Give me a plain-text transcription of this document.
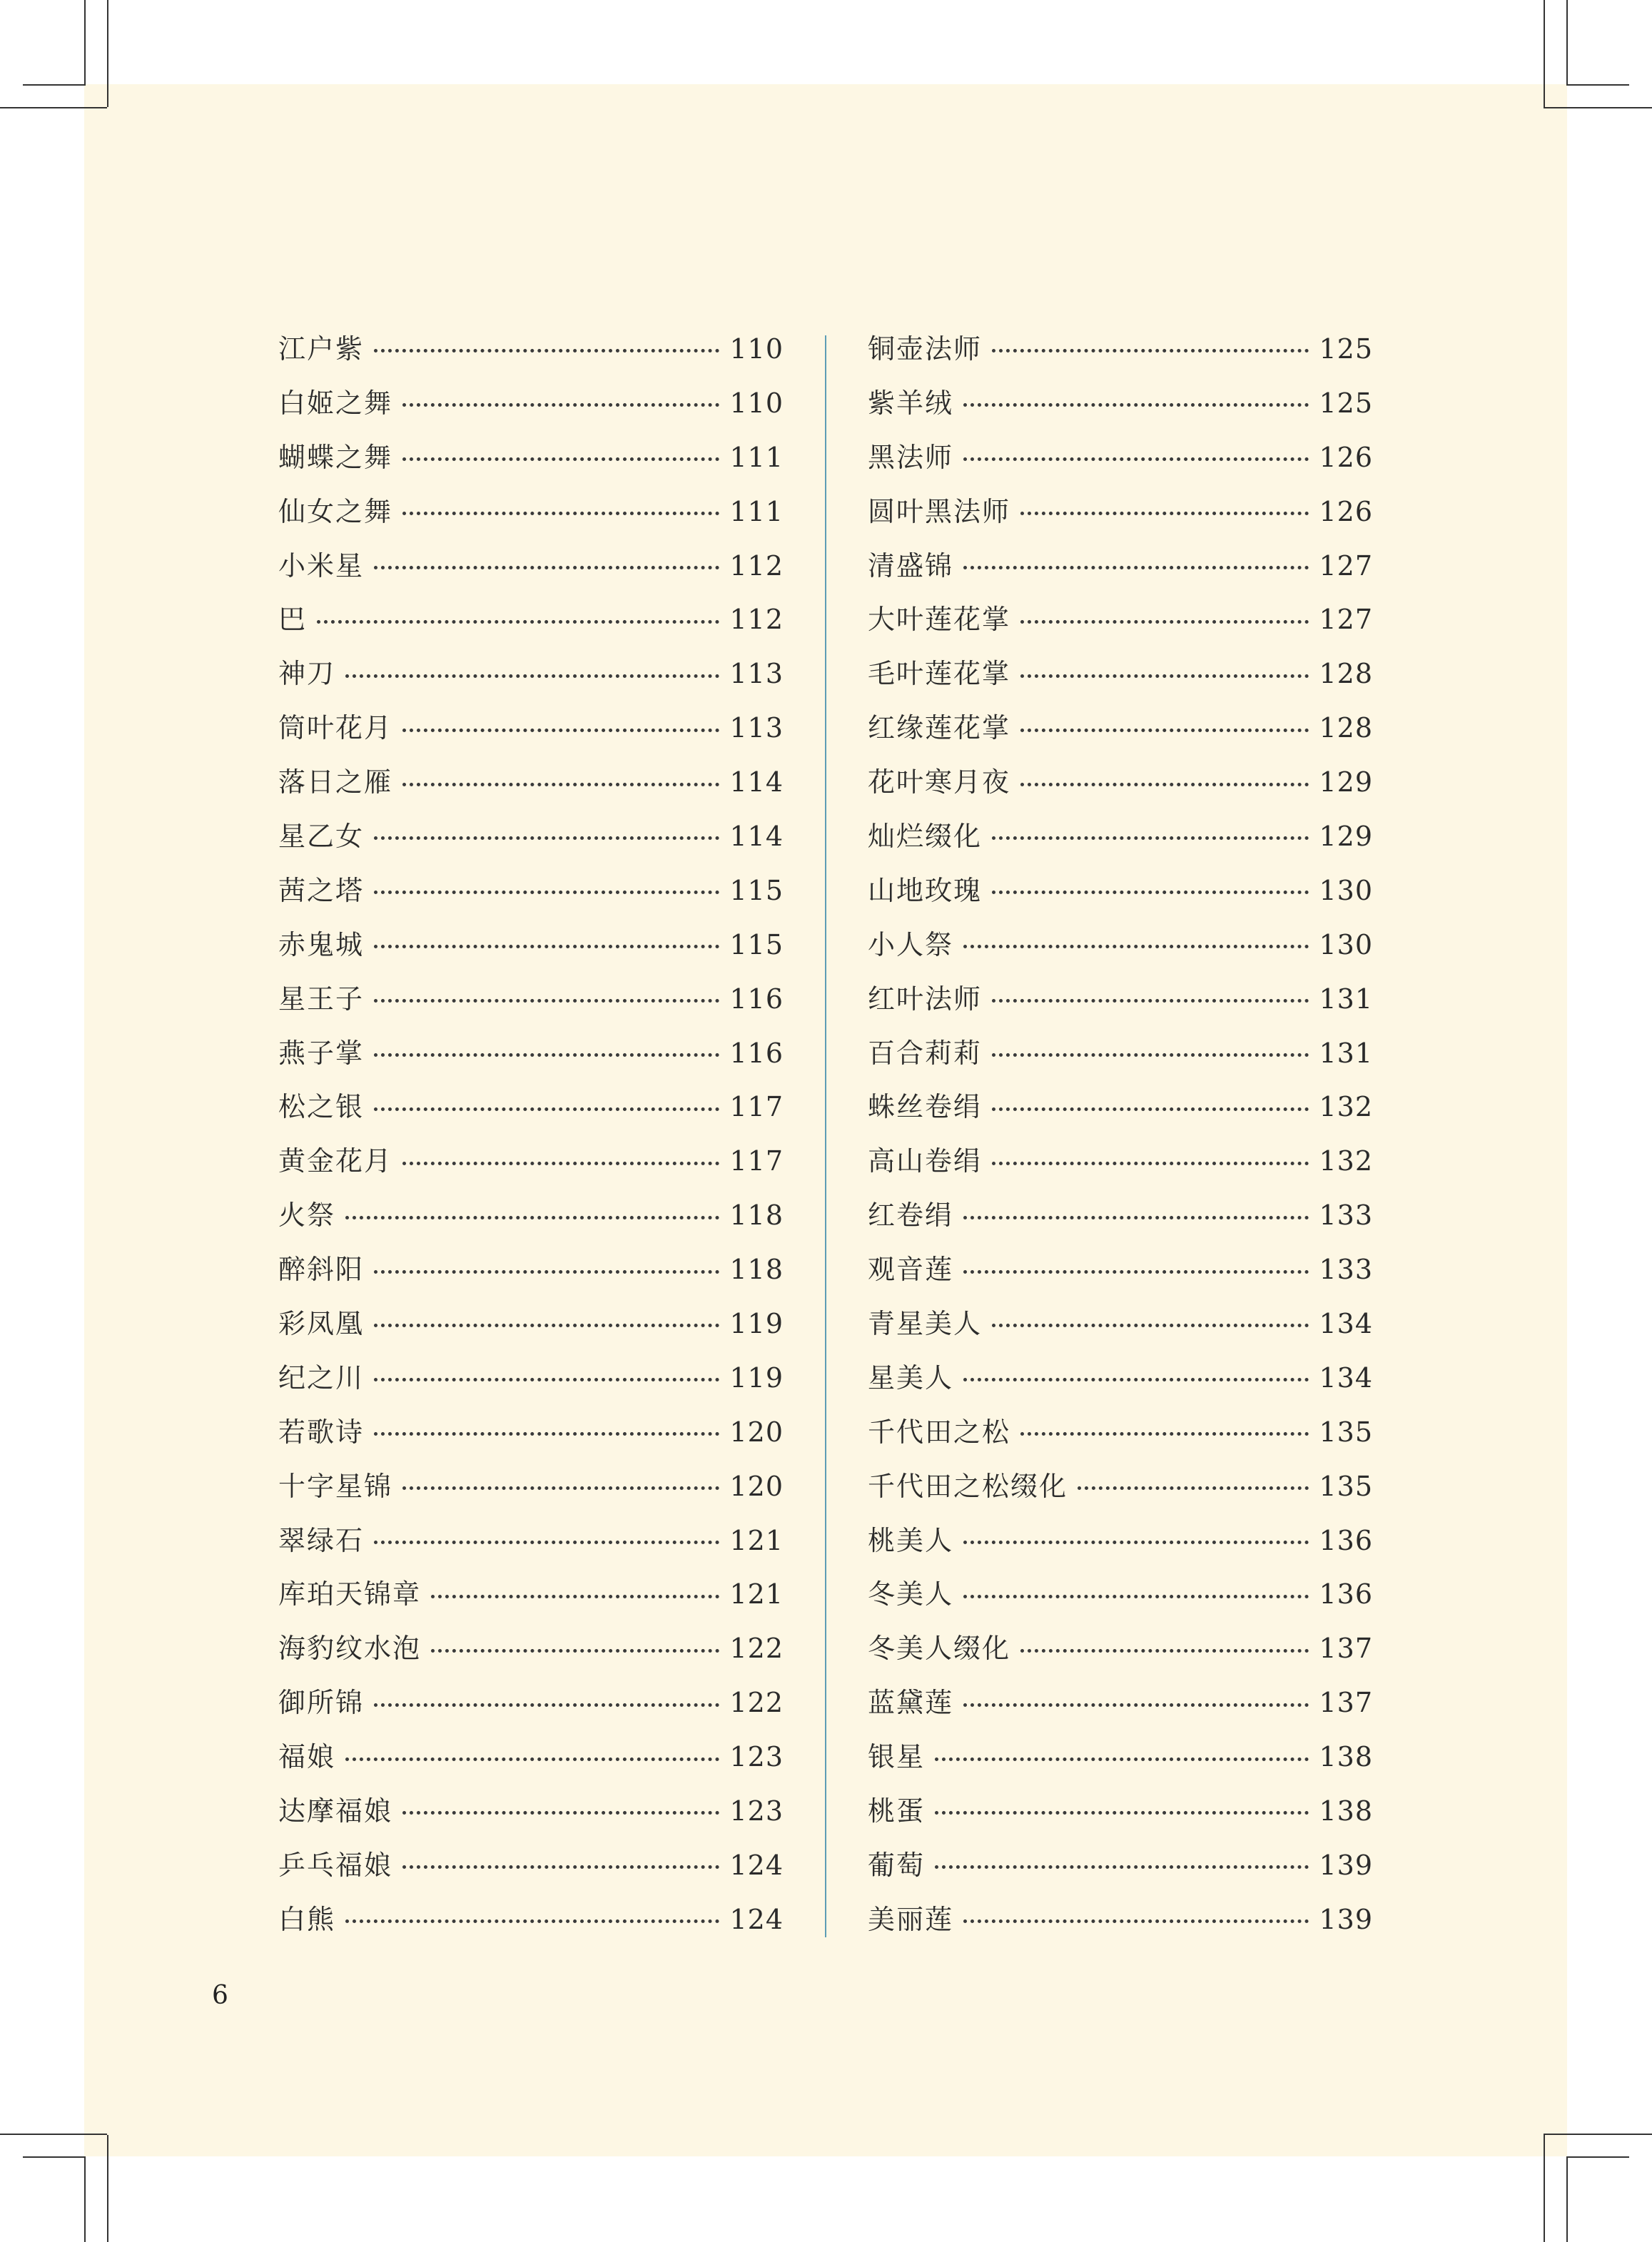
江户紫	110
白姬之舞	110
蝴蝶之舞	111
仙女之舞	111
小米星	112
巴	112
神刀	113
筒叶花月	113
落日之雁	114
星乙女	114
茜之塔	115
赤鬼城	115
星王子	116
燕子掌	116
松之银	117
黄金花月	117
火祭	118
醉斜阳	118
彩凤凰	119
纪之川	119
若歌诗	120
十字星锦	120
翠绿石	121
库珀天锦章	121
海豹纹水泡	122
御所锦	122
福娘	123
达摩福娘	123
乒乓福娘	124
白熊	124
铜壶法师	125
紫羊绒	125
黑法师	126
圆叶黑法师	126
清盛锦	127
大叶莲花掌	127
毛叶莲花掌	128
红缘莲花掌	128
花叶寒月夜	129
灿烂缀化	129
山地玫瑰	130
小人祭	130
红叶法师	131
百合莉莉	131
蛛丝卷绢	132
高山卷绢	132
红卷绢	133
观音莲	133
青星美人	134
星美人	134
千代田之松	135
千代田之松缀化	135
桃美人	136
冬美人	136
冬美人缀化	137
蓝黛莲	137
银星	138
桃蛋	138
葡萄	139
美丽莲	139
6
